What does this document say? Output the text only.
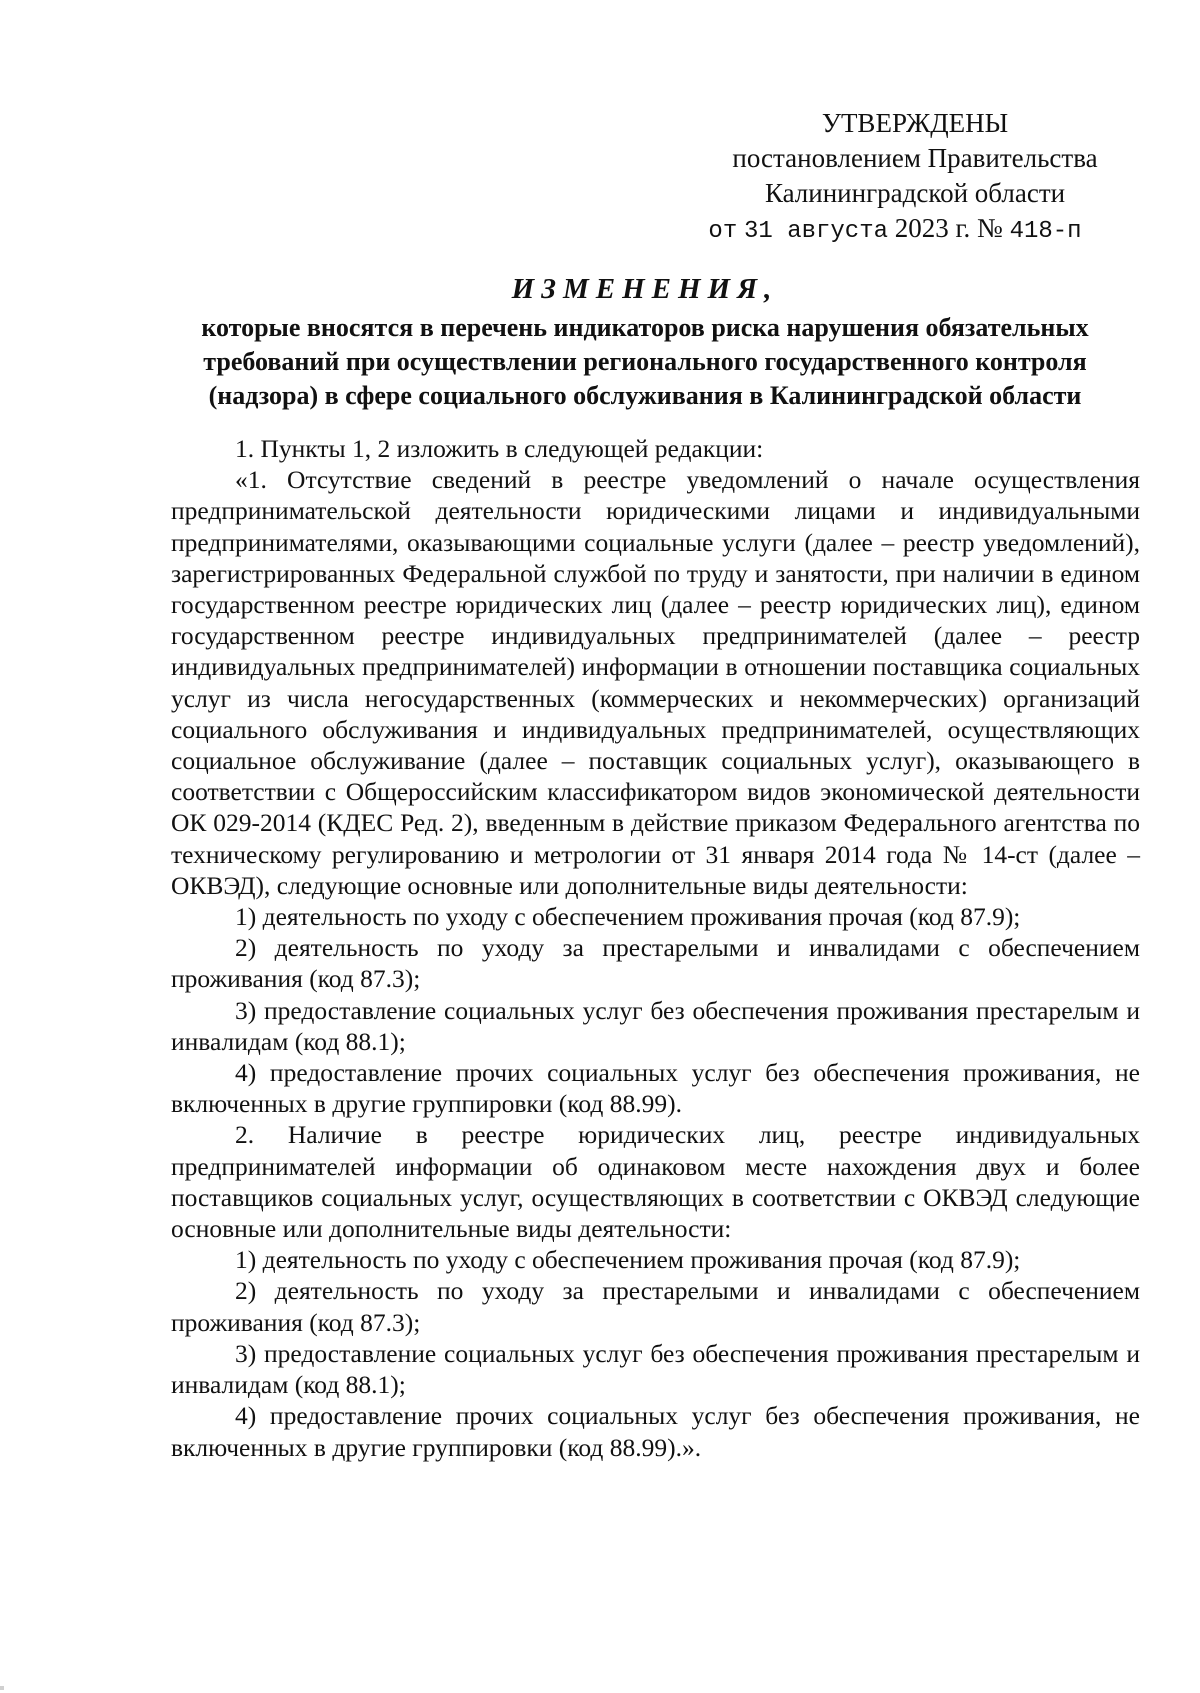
УТВЕРЖДЕНЫ
постановлением Правительства
Калининградской области
от 31 августа 2023 г. № 418-п
ИЗМЕНЕНИЯ,
которые вносятся в перечень индикаторов риска нарушения обязательных
требований при осуществлении регионального государственного контроля
(надзора) в сфере социального обслуживания в Калининградской области

1. Пункты 1, 2 изложить в следующей редакции:

«1. Отсутствие сведений в реестре уведомлений о начале осуществления предпринимательской деятельности юридическими лицами и индивидуальными предпринимателями, оказывающими социальные услуги (далее – реестр уведомлений), зарегистрированных Федеральной службой по труду и занятости, при наличии в едином государственном реестре юридических лиц (далее – реестр юридических лиц), едином государственном реестре индивидуальных предпринимателей (далее – реестр индивидуальных предпринимателей) информации в отношении поставщика социальных услуг из числа негосударственных (коммерческих и некоммерческих) организаций социального обслуживания и индивидуальных предпринимателей, осуществляющих социальное обслуживание (далее – поставщик социальных услуг), оказывающего в соответствии с Общероссийским классификатором видов экономической деятельности ОК 029-2014 (КДЕС Ред. 2), введенным в действие приказом Федерального агентства по техническому регулированию и метрологии от 31 января 2014 года № 14-ст (далее – ОКВЭД), следующие основные или дополнительные виды деятельности:

1) деятельность по уходу с обеспечением проживания прочая (код 87.9);

2) деятельность по уходу за престарелыми и инвалидами с обеспечением проживания (код 87.3);

3) предоставление социальных услуг без обеспечения проживания престарелым и инвалидам (код 88.1);

4) предоставление прочих социальных услуг без обеспечения проживания, не включенных в другие группировки (код 88.99).

2. Наличие в реестре юридических лиц, реестре индивидуальных предпринимателей информации об одинаковом месте нахождения двух и более поставщиков социальных услуг, осуществляющих в соответствии с ОКВЭД следующие основные или дополнительные виды деятельности:

1) деятельность по уходу с обеспечением проживания прочая (код 87.9);

2) деятельность по уходу за престарелыми и инвалидами с обеспечением проживания (код 87.3);

3) предоставление социальных услуг без обеспечения проживания престарелым и инвалидам (код 88.1);

4) предоставление прочих социальных услуг без обеспечения проживания, не включенных в другие группировки (код 88.99).».
